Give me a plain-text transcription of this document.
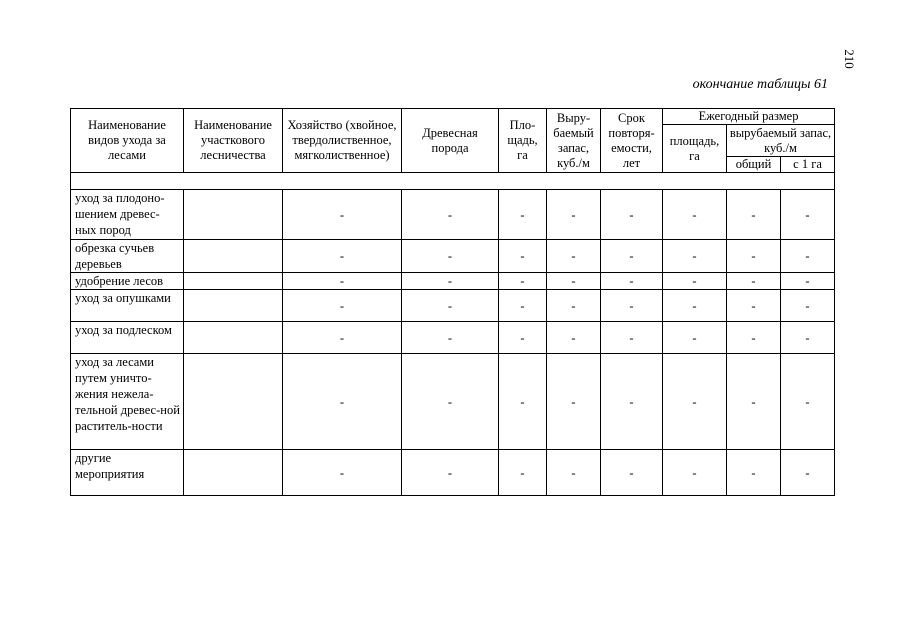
210
окончание таблицы 61
Наименование видов ухода за лесами	Наименование участкового лесничества	Хозяйство (хвойное, твердолиственное, мягколиственное)	Древесная порода	Пло-щадь, га	Выру-баемый запас, куб./м	Срок повторя-емости, лет	Ежегодный размер		
							площадь, га	вырубаемый запас, куб./м	
								общий	с 1 га

уход за плодоно-шением древес-ных пород		-	-	-	-	-	-	-	-
обрезка сучьев деревьев		-	-	-	-	-	-	-	-
удобрение лесов		-	-	-	-	-	-	-	-
уход за опушками		-	-	-	-	-	-	-	-
уход за подлеском		-	-	-	-	-	-	-	-
уход за лесами путем уничто-жения нежела-тельной древес-ной раститель-ности		-	-	-	-	-	-	-	-
другие мероприятия		-	-	-	-	-	-	-	-
